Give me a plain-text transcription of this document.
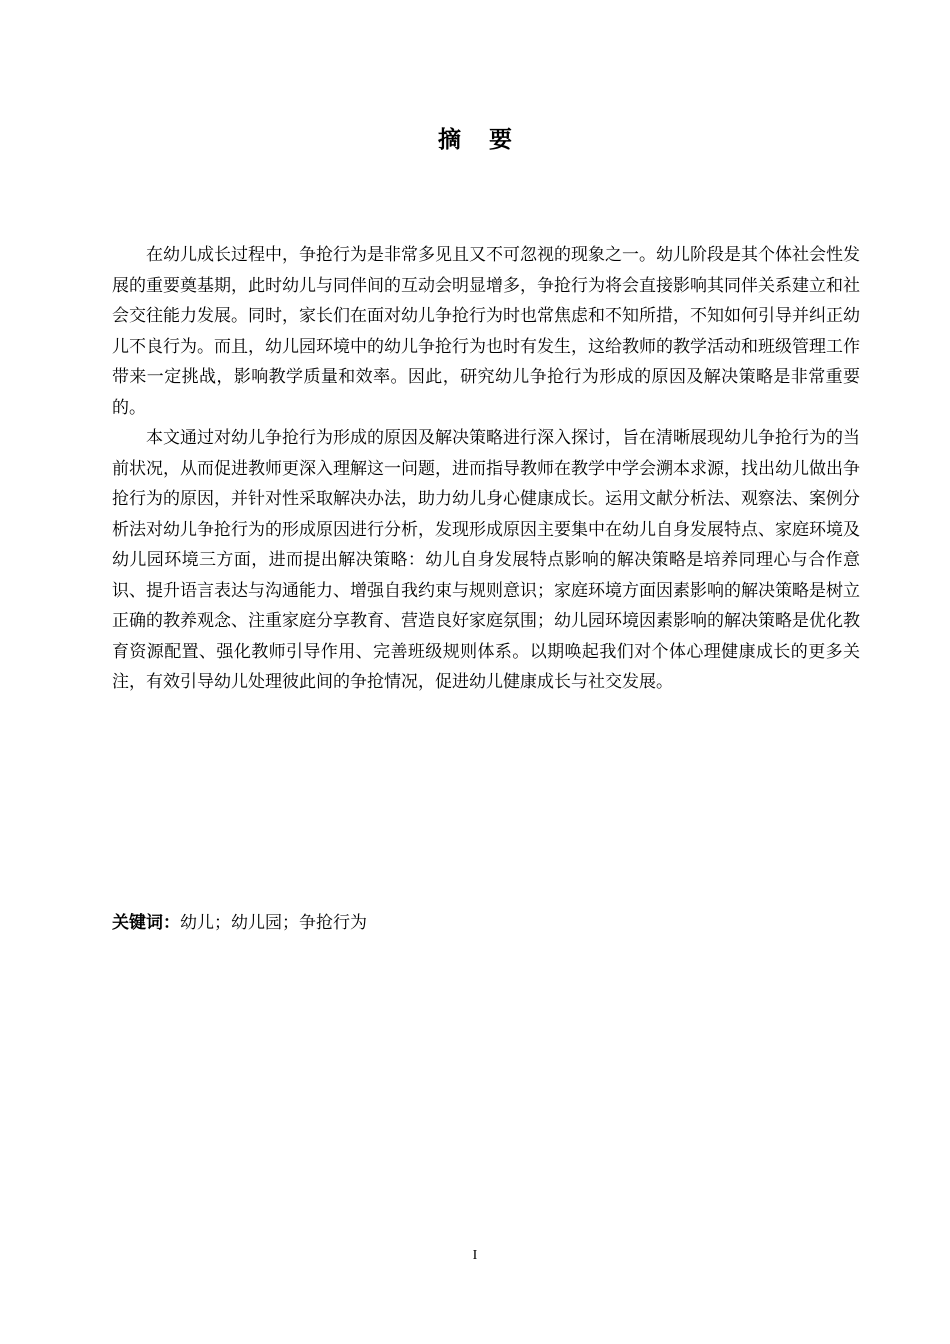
摘 要

在幼儿成长过程中，争抢行为是非常多见且又不可忽视的现象之一。幼儿阶段是其个体社会性发展的重要奠基期，此时幼儿与同伴间的互动会明显增多，争抢行为将会直接影响其同伴关系建立和社会交往能力发展。同时，家长们在面对幼儿争抢行为时也常焦虑和不知所措，不知如何引导并纠正幼儿不良行为。而且，幼儿园环境中的幼儿争抢行为也时有发生，这给教师的教学活动和班级管理工作带来一定挑战，影响教学质量和效率。因此，研究幼儿争抢行为形成的原因及解决策略是非常重要的。

本文通过对幼儿争抢行为形成的原因及解决策略进行深入探讨，旨在清晰展现幼儿争抢行为的当前状况，从而促进教师更深入理解这一问题，进而指导教师在教学中学会溯本求源，找出幼儿做出争抢行为的原因，并针对性采取解决办法，助力幼儿身心健康成长。运用文献分析法、观察法、案例分析法对幼儿争抢行为的形成原因进行分析，发现形成原因主要集中在幼儿自身发展特点、家庭环境及幼儿园环境三方面，进而提出解决策略：幼儿自身发展特点影响的解决策略是培养同理心与合作意识、提升语言表达与沟通能力、增强自我约束与规则意识；家庭环境方面因素影响的解决策略是树立正确的教养观念、注重家庭分享教育、营造良好家庭氛围；幼儿园环境因素影响的解决策略是优化教育资源配置、强化教师引导作用、完善班级规则体系。以期唤起我们对个体心理健康成长的更多关注，有效引导幼儿处理彼此间的争抢情况，促进幼儿健康成长与社交发展。

关键词：幼儿；幼儿园；争抢行为
I
